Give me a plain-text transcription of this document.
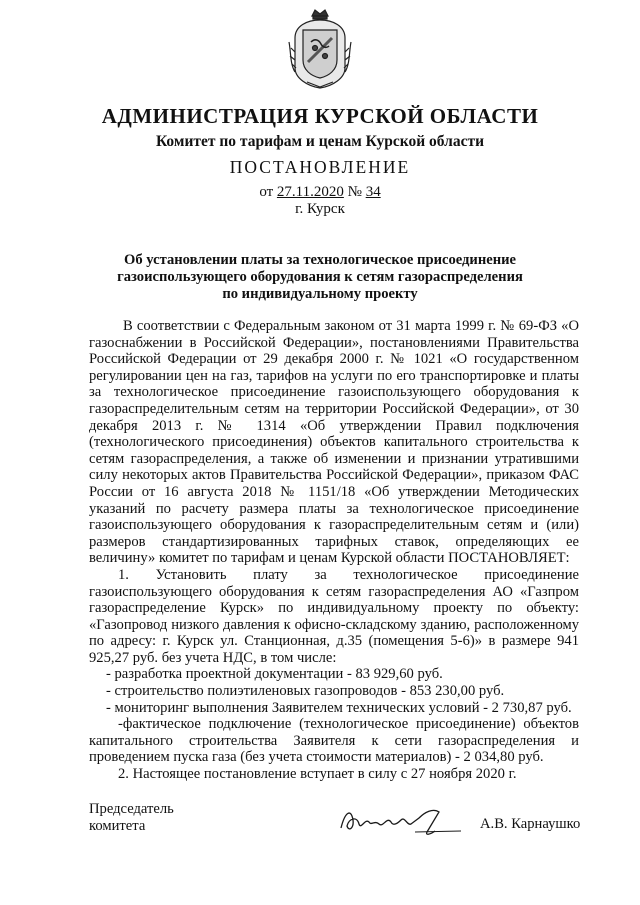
АДМИНИСТРАЦИЯ КУРСКОЙ ОБЛАСТИ
Комитет по тарифам и ценам Курской области
ПОСТАНОВЛЕНИЕ
от 27.11.2020 № 34
г. Курск
Об установлении платы за технологическое присоединение газоиспользующего оборудования к сетям газораспределения по индивидуальному проекту

В соответствии с Федеральным законом от 31 марта 1999 г. № 69-ФЗ «О газоснабжении в Российской Федерации», постановлениями Правительства Российской Федерации от 29 декабря 2000 г. № 1021 «О государственном регулировании цен на газ, тарифов на услуги по его транспортировке и платы за технологическое присоединение газоиспользующего оборудования к газораспределительным сетям на территории Российской Федерации», от 30 декабря 2013 г. № 1314 «Об утверждении Правил подключения (технологического присоединения) объектов капитального строительства к сетям газораспределения, а также об изменении и признании утратившими силу некоторых актов Правительства Российской Федерации», приказом ФАС России от 16 августа 2018 № 1151/18 «Об утверждении Методических указаний по расчету размера платы за технологическое присоединение газоиспользующего оборудования к газораспределительным сетям и (или) размеров стандартизированных тарифных ставок, определяющих ее величину» комитет по тарифам и ценам Курской области ПОСТАНОВЛЯЕТ:

1. Установить плату за технологическое присоединение газоиспользующего оборудования к сетям газораспределения АО «Газпром газораспределение Курск» по индивидуальному проекту по объекту: «Газопровод низкого давления к офисно-складскому зданию, расположенному по адресу: г. Курск ул. Станционная, д.35 (помещения 5-6)» в размере 941 925,27 руб. без учета НДС, в том числе:

- разработка проектной документации - 83 929,60 руб.

- строительство полиэтиленовых газопроводов - 853 230,00 руб.

- мониторинг выполнения Заявителем технических условий - 2 730,87 руб.

-фактическое подключение (технологическое присоединение) объектов капитального строительства Заявителя к сети газораспределения и проведением пуска газа (без учета стоимости материалов) - 2 034,80 руб.

2. Настоящее постановление вступает в силу с 27 ноября 2020 г.

Председатель
комитета	А.В. Карнаушко
